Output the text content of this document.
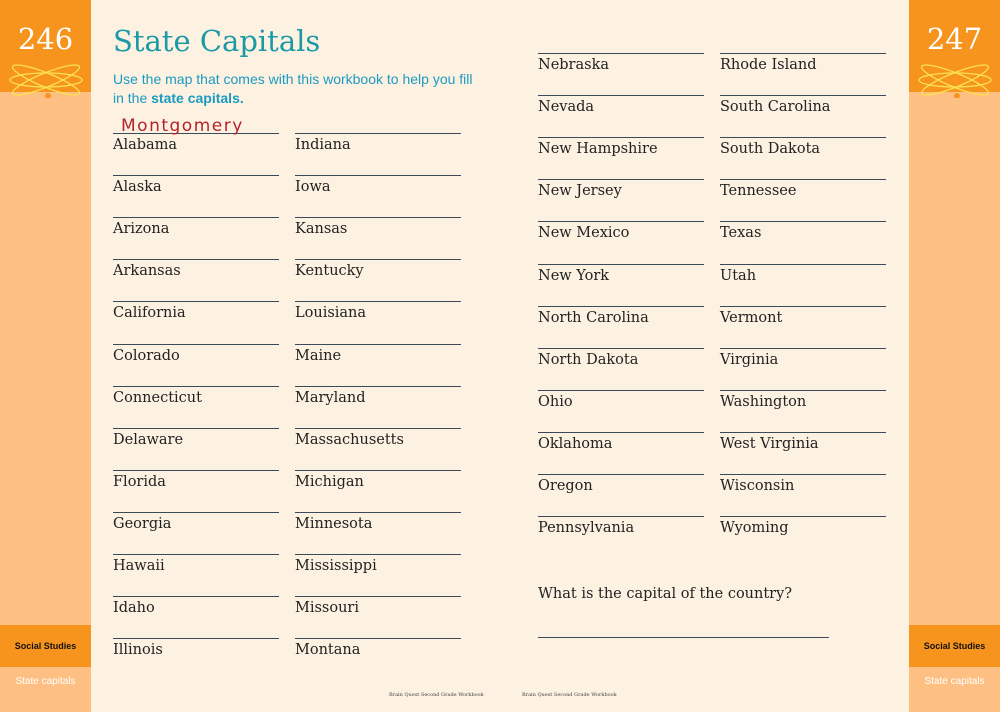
246
Social Studies
State capitals
247
Social Studies
State capitals
State Capitals
Use the map that comes with this workbook to help you fill in the state capitals.
Alabama
Alaska
Arizona
Arkansas
California
Colorado
Connecticut
Delaware
Florida
Georgia
Hawaii
Idaho
Illinois
Indiana
Iowa
Kansas
Kentucky
Louisiana
Maine
Maryland
Massachusetts
Michigan
Minnesota
Mississippi
Missouri
Montana
Nebraska
Nevada
New Hampshire
New Jersey
New Mexico
New York
North Carolina
North Dakota
Ohio
Oklahoma
Oregon
Pennsylvania
Rhode Island
South Carolina
South Dakota
Tennessee
Texas
Utah
Vermont
Virginia
Washington
West Virginia
Wisconsin
Wyoming
Montgomery
What is the capital of the country?
Brain Quest Second Grade Workbook	Brain Quest Second Grade Workbook
